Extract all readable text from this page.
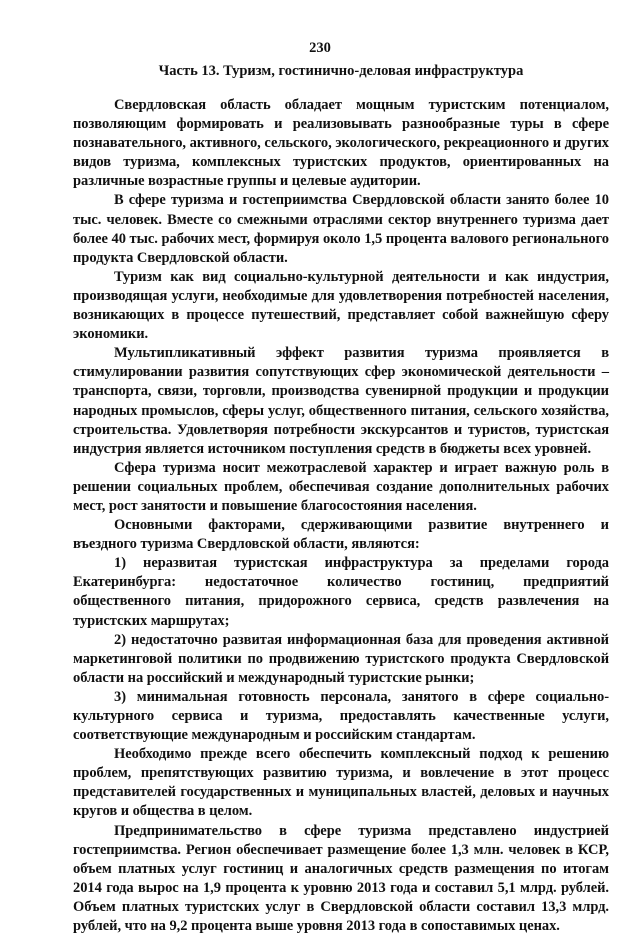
230
Часть 13. Туризм, гостинично-деловая инфраструктура

Свердловская область обладает мощным туристским потенциалом, позволяющим формировать и реализовывать разнообразные туры в сфере познавательного, активного, сельского, экологического, рекреационного и других видов туризма, комплексных туристских продуктов, ориентированных на различные возрастные группы и целевые аудитории.

В сфере туризма и гостеприимства Свердловской области занято более 10 тыс. человек. Вместе со смежными отраслями сектор внутреннего туризма дает более 40 тыс. рабочих мест, формируя около 1,5 процента валового регионального продукта Свердловской области.

Туризм как вид социально-культурной деятельности и как индустрия, производящая услуги, необходимые для удовлетворения потребностей населения, возникающих в процессе путешествий, представляет собой важнейшую сферу экономики.

Мультипликативный эффект развития туризма проявляется в стимулировании развития сопутствующих сфер экономической деятельности – транспорта, связи, торговли, производства сувенирной продукции и продукции народных промыслов, сферы услуг, общественного питания, сельского хозяйства, строительства. Удовлетворяя потребности экскурсантов и туристов, туристская индустрия является источником поступления средств в бюджеты всех уровней.

Сфера туризма носит межотраслевой характер и играет важную роль в решении социальных проблем, обеспечивая создание дополнительных рабочих мест, рост занятости и повышение благосостояния населения.

Основными факторами, сдерживающими развитие внутреннего и въездного туризма Свердловской области, являются:

1) неразвитая туристская инфраструктура за пределами города Екатеринбурга: недостаточное количество гостиниц, предприятий общественного питания, придорожного сервиса, средств развлечения на туристских маршрутах;

2) недостаточно развитая информационная база для проведения активной маркетинговой политики по продвижению туристского продукта Свердловской области на российский и международный туристские рынки;

3) минимальная готовность персонала, занятого в сфере социально-культурного сервиса и туризма, предоставлять качественные услуги, соответствующие международным и российским стандартам.

Необходимо прежде всего обеспечить комплексный подход к решению проблем, препятствующих развитию туризма, и вовлечение в этот процесс представителей государственных и муниципальных властей, деловых и научных кругов и общества в целом.

Предпринимательство в сфере туризма представлено индустрией гостеприимства. Регион обеспечивает размещение более 1,3 млн. человек в КСР, объем платных услуг гостиниц и аналогичных средств размещения по итогам 2014 года вырос на 1,9 процента к уровню 2013 года и составил 5,1 млрд. рублей. Объем платных туристских услуг в Свердловской области составил 13,3 млрд. рублей, что на 9,2 процента выше уровня 2013 года в сопоставимых ценах.
